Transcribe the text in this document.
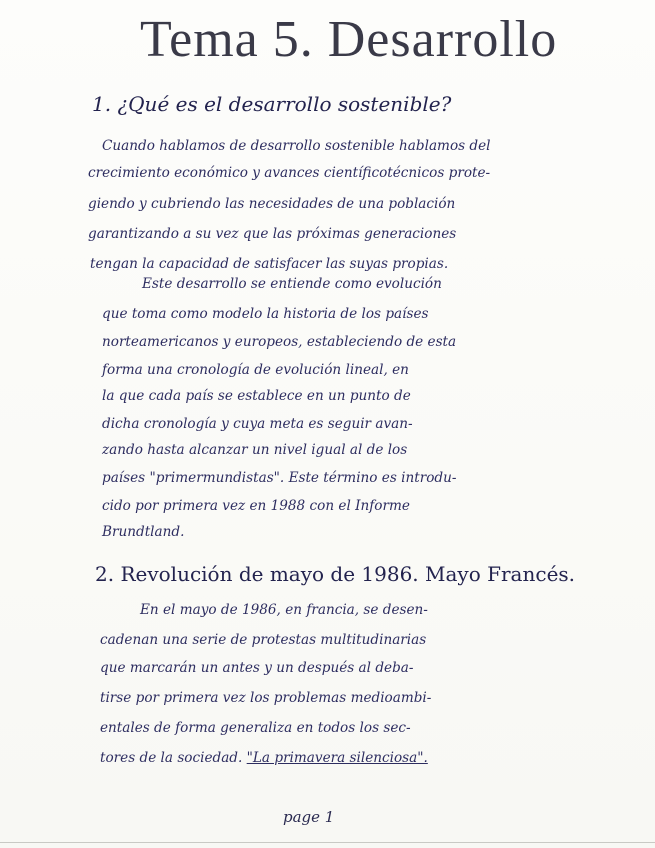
Tema 5. Desarrollo
1. ¿Qué es el desarrollo sostenible?
Cuando hablamos de desarrollo sostenible hablamos del
crecimiento económico y avances científicotécnicos prote-
giendo y cubriendo las necesidades de una población
garantizando a su vez que las próximas generaciones
tengan la capacidad de satisfacer las suyas propias.
Este desarrollo se entiende como evolución
que toma como modelo la historia de los países
norteamericanos y europeos, estableciendo de esta
forma una cronología de evolución lineal, en
la que cada país se establece en un punto de
dicha cronología y cuya meta es seguir avan-
zando hasta alcanzar un nivel igual al de los
países "primermundistas". Este término es introdu-
cido por primera vez en 1988 con el Informe
Brundtland.
2. Revolución de mayo de 1986. Mayo Francés.
En el mayo de 1986, en francia, se desen-
cadenan una serie de protestas multitudinarias
que marcarán un antes y un después al deba-
tirse por primera vez los problemas medioambi-
entales de forma generaliza en todos los sec-
tores de la sociedad. "La primavera silenciosa".
page 1
